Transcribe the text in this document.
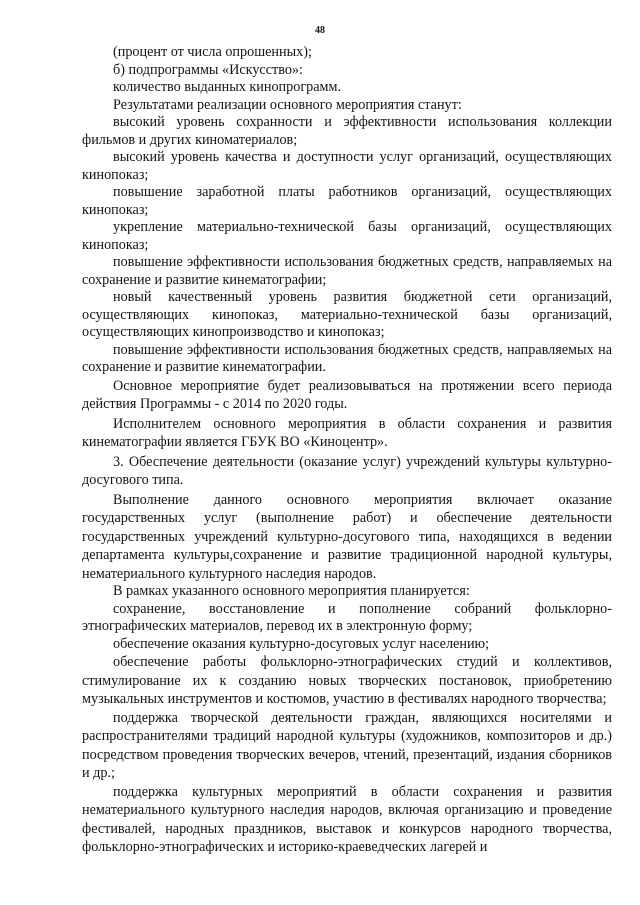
48

(процент от числа опрошенных);

б) подпрограммы «Искусство»:

количество выданных кинопрограмм.

Результатами реализации основного мероприятия станут:

высокий уровень сохранности и эффективности использования коллекции фильмов и других киноматериалов;

высокий уровень качества и доступности услуг организаций, осуществляющих кинопоказ;

повышение заработной платы работников организаций, осуществляющих кинопоказ;

укрепление материально-технической базы организаций, осуществляющих кинопоказ;

повышение эффективности использования бюджетных средств, направляемых на сохранение и развитие кинематографии;

новый качественный уровень развития бюджетной сети организаций, осуществляющих кинопоказ, материально-технической базы организаций, осуществляющих кинопроизводство и кинопоказ;

повышение эффективности использования бюджетных средств, направляемых на сохранение и развитие кинематографии.

Основное мероприятие будет реализовываться на протяжении всего периода действия Программы - с 2014 по 2020 годы.

Исполнителем основного мероприятия в области сохранения и развития кинематографии является ГБУК ВО «Киноцентр».

3. Обеспечение деятельности (оказание услуг) учреждений культуры культурно-досугового типа.

Выполнение данного основного мероприятия включает оказание государственных услуг (выполнение работ) и обеспечение деятельности государственных учреждений культурно-досугового типа, находящихся в ведении департамента культуры,сохранение и развитие традиционной народной культуры, нематериального культурного наследия народов.

В рамках указанного основного мероприятия планируется:

сохранение, восстановление и пополнение собраний фольклорно-этнографических материалов, перевод их в электронную форму;

обеспечение оказания культурно-досуговых услуг населению;

обеспечение работы фольклорно-этнографических студий и коллективов, стимулирование их к созданию новых творческих постановок, приобретению музыкальных инструментов и костюмов, участию в фестивалях народного творчества;

поддержка творческой деятельности граждан, являющихся носителями и распространителями традиций народной культуры (художников, композиторов и др.) посредством проведения творческих вечеров, чтений, презентаций, издания сборников и др.;

поддержка культурных мероприятий в области сохранения и развития нематериального культурного наследия народов, включая организацию и проведение фестивалей, народных праздников, выставок и конкурсов народного творчества, фольклорно-этнографических и историко-краеведческих лагерей и
